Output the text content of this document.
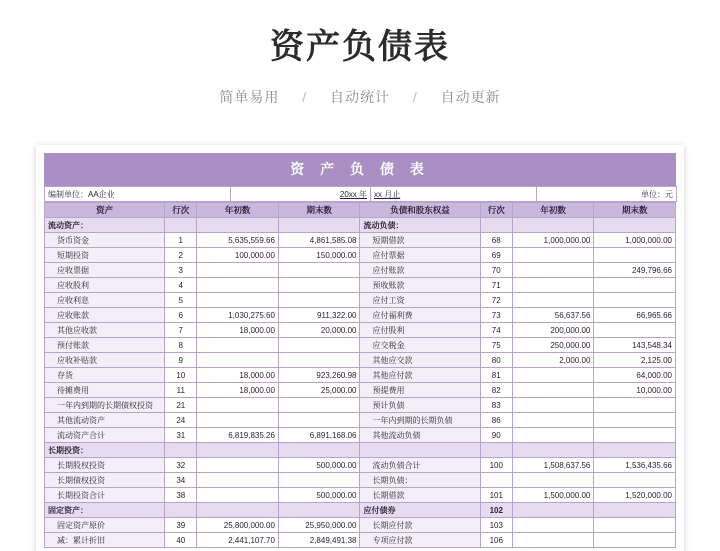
资产负债表
简单易用 / 自动统计 / 自动更新
资 产 负 债 表
编制单位：AA企业	20xx 年	xx 月止	单位：元
资产	行次	年初数	期末数	负债和股东权益	行次	年初数	期末数
流动资产：				流动负债：			
货币资金	1	5,635,559.66	4,861,585.08	短期借款	68	1,000,000.00	1,000,000.00
短期投资	2	100,000.00	150,000.00	应付票据	69		
应收票据	3			应付账款	70		249,796.66
应收股利	4			预收账款	71		
应收利息	5			应付工资	72		
应收账款	6	1,030,275.60	911,322.00	应付福利费	73	56,637.56	66,965.66
其他应收款	7	18,000.00	20,000.00	应付股利	74	200,000.00	
预付账款	8			应交税金	75	250,000.00	143,548.34
应收补贴款	9			其他应交款	80	2,000.00	2,125.00
存货	10	18,000.00	923,260.98	其他应付款	81		64,000.00
待摊费用	11	18,000.00	25,000.00	预提费用	82		10,000.00
一年内到期的长期债权投资	21			预计负债	83		
其他流动资产	24			一年内到期的长期负债	86		
流动资产合计	31	6,819,835.26	6,891,168.06	其他流动负债	90		
长期投资：							
长期股权投资	32		500,000.00	流动负债合计	100	1,508,637.56	1,536,435.66
长期债权投资	34			长期负债：			
长期投资合计	38		500,000.00	长期借款	101	1,500,000.00	1,520,000.00
固定资产：				应付债券	102		
固定资产原价	39	25,800,000.00	25,950,000.00	长期应付款	103		
减：累计折旧	40	2,441,107.70	2,849,491.38	专项应付款	106		
